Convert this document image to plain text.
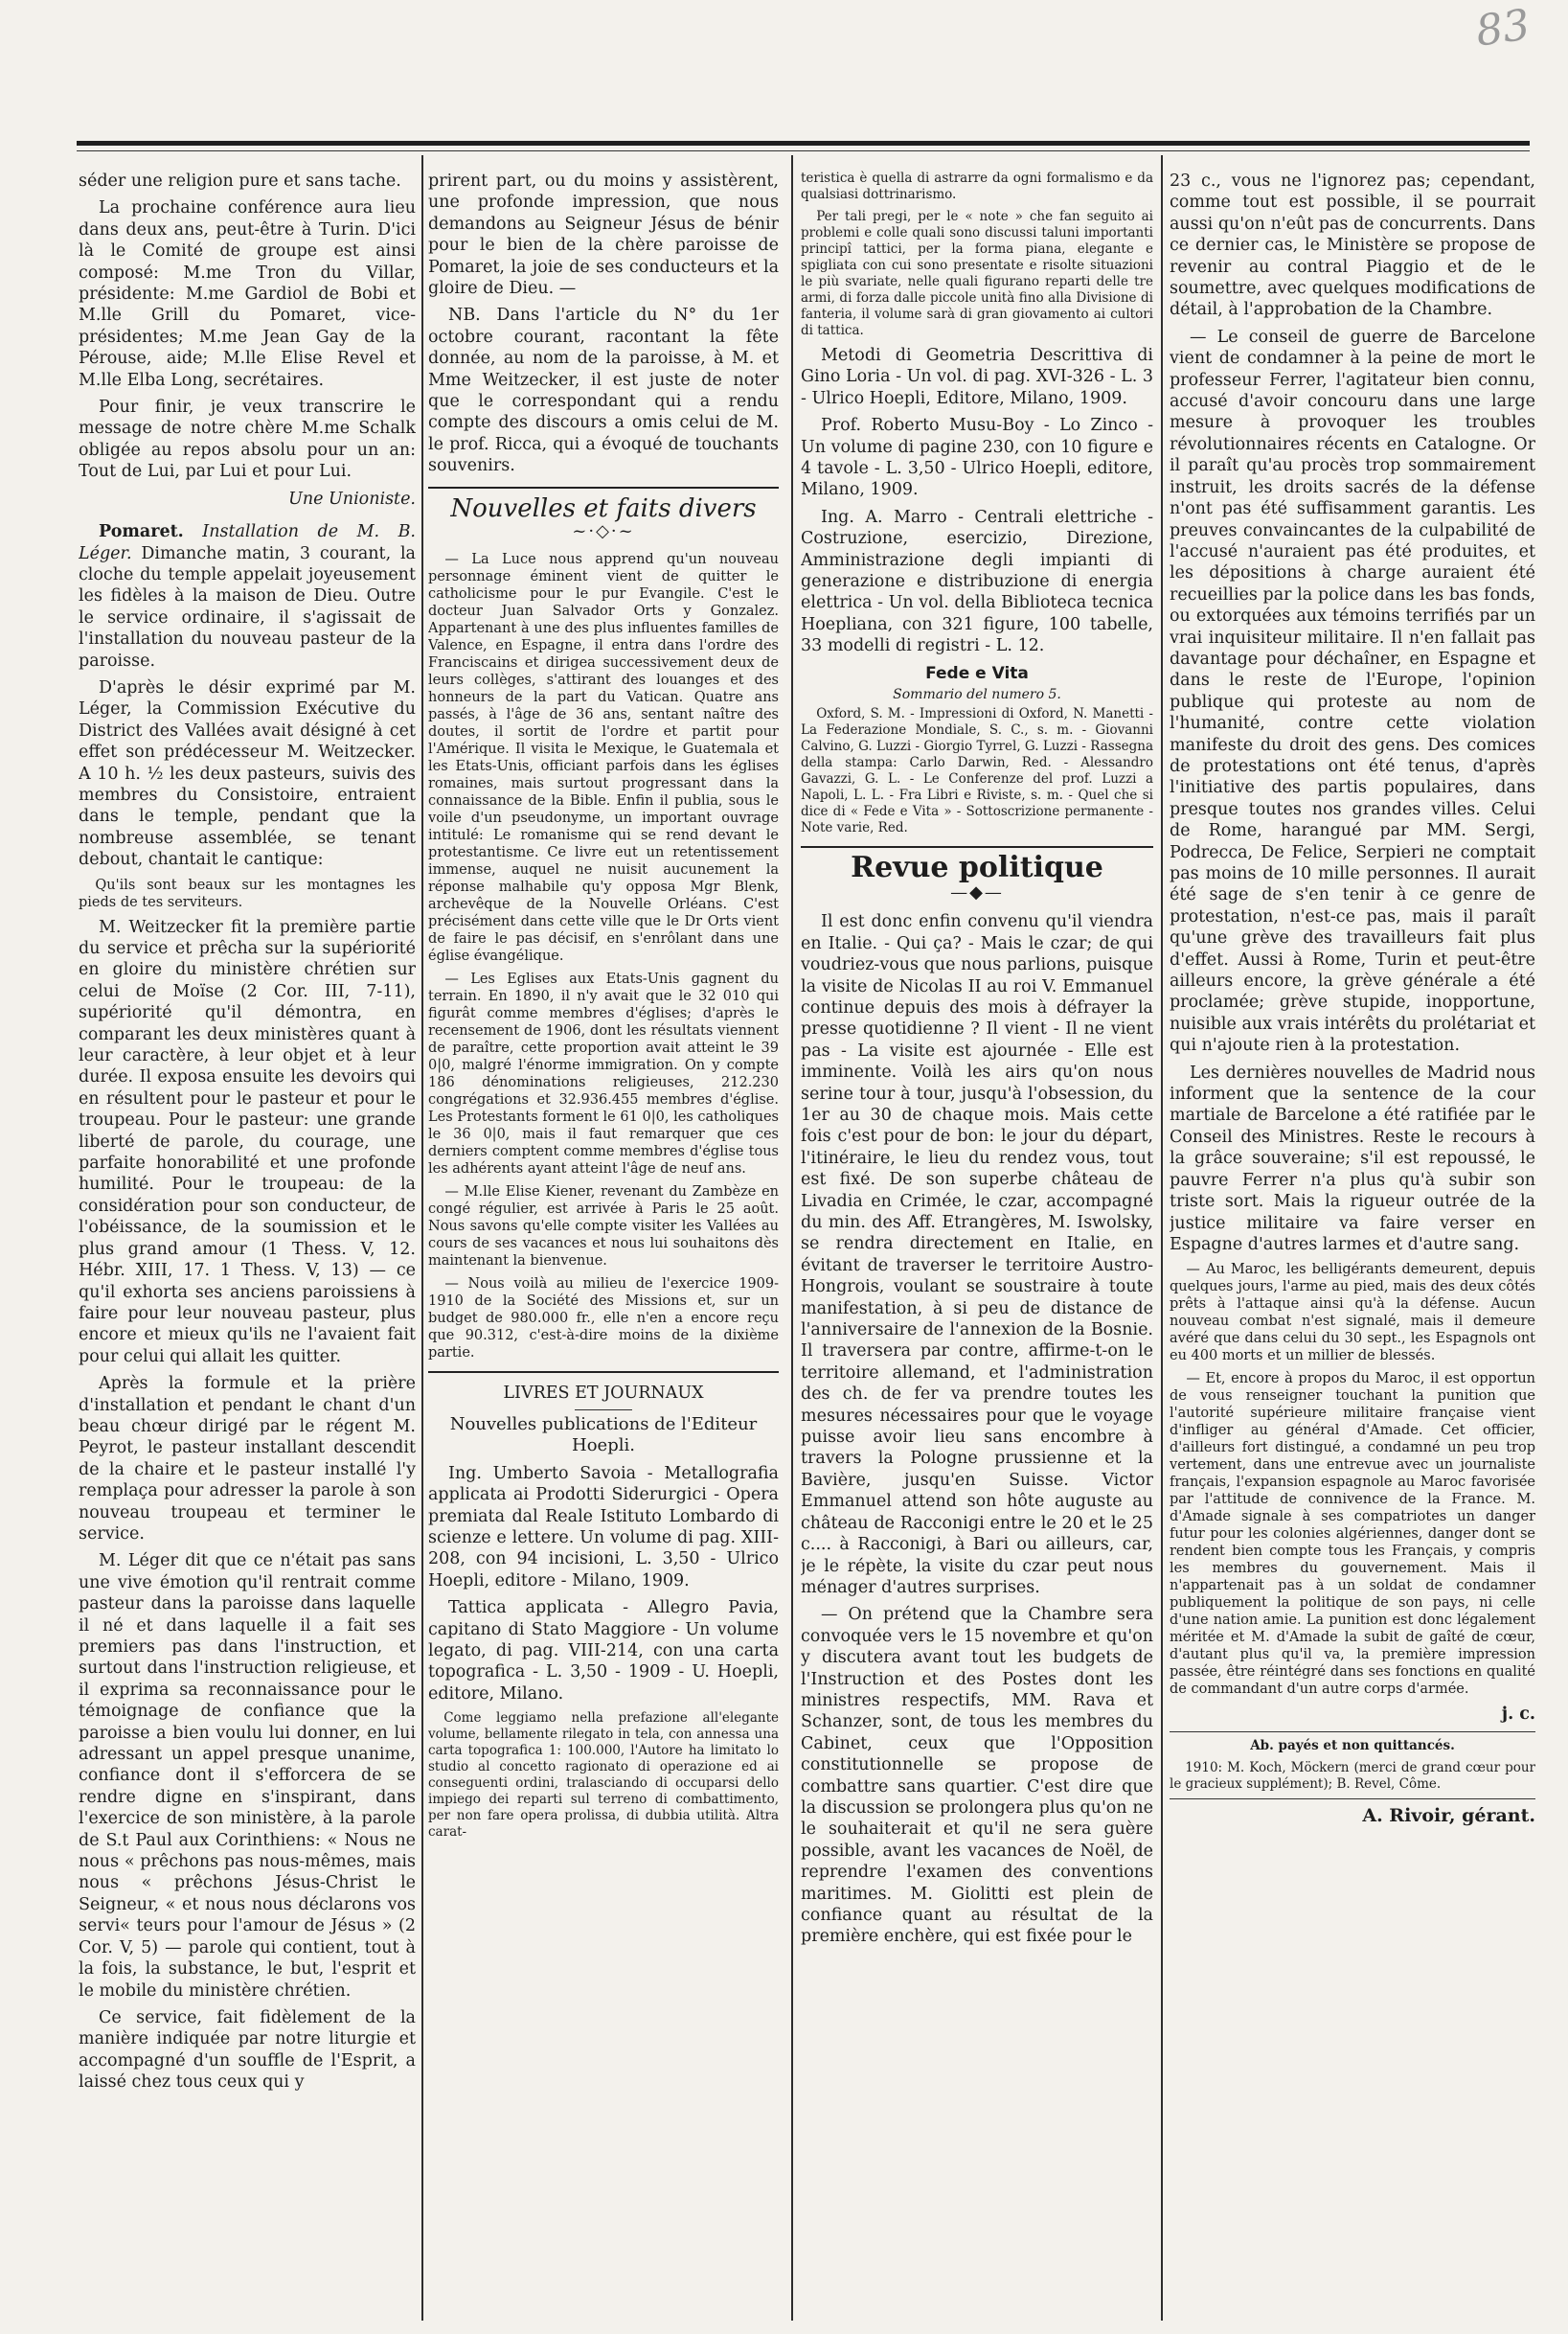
83

séder une religion pure et sans tache.

La prochaine conférence aura lieu dans deux ans, peut-être à Turin. D'ici là le Comité de groupe est ainsi composé: M.me Tron du Villar, présidente: M.me Gardiol de Bobi et M.lle Grill du Pomaret, vice-présidentes; M.me Jean Gay de la Pérouse, aide; M.lle Elise Revel et M.lle Elba Long, secrétaires.

Pour finir, je veux transcrire le message de notre chère M.me Schalk obligée au repos absolu pour un an: Tout de Lui, par Lui et pour Lui.

Une Unioniste.

Pomaret. Installation de M. B. Léger. Dimanche matin, 3 courant, la cloche du temple appelait joyeusement les fidèles à la maison de Dieu. Outre le service ordinaire, il s'agissait de l'installation du nouveau pasteur de la paroisse.

D'après le désir exprimé par M. Léger, la Commission Exécutive du District des Vallées avait désigné à cet effet son prédécesseur M. Weitzecker. A 10 h. ½ les deux pasteurs, suivis des membres du Consistoire, entraient dans le temple, pendant que la nombreuse assemblée, se tenant debout, chantait le cantique:

Qu'ils sont beaux sur les montagnes les pieds de tes serviteurs.

M. Weitzecker fit la première partie du service et prêcha sur la supériorité en gloire du ministère chrétien sur celui de Moïse (2 Cor. III, 7-11), supériorité qu'il démontra, en comparant les deux ministères quant à leur caractère, à leur objet et à leur durée. Il exposa ensuite les devoirs qui en résultent pour le pasteur et pour le troupeau. Pour le pasteur: une grande liberté de parole, du courage, une parfaite honorabilité et une profonde humilité. Pour le troupeau: de la considération pour son conducteur, de l'obéissance, de la soumission et le plus grand amour (1 Thess. V, 12. Hébr. XIII, 17. 1 Thess. V, 13) — ce qu'il exhorta ses anciens paroissiens à faire pour leur nouveau pasteur, plus encore et mieux qu'ils ne l'avaient fait pour celui qui allait les quitter.

Après la formule et la prière d'installation et pendant le chant d'un beau chœur dirigé par le régent M. Peyrot, le pasteur installant descendit de la chaire et le pasteur installé l'y remplaça pour adresser la parole à son nouveau troupeau et terminer le service.

M. Léger dit que ce n'était pas sans une vive émotion qu'il rentrait comme pasteur dans la paroisse dans laquelle il né et dans laquelle il a fait ses premiers pas dans l'instruction, et surtout dans l'instruction religieuse, et il exprima sa reconnaissance pour le témoignage de confiance que la paroisse a bien voulu lui donner, en lui adressant un appel presque unanime, confiance dont il s'efforcera de se rendre digne en s'inspirant, dans l'exercice de son ministère, à la parole de S.t Paul aux Corinthiens: « Nous ne nous « prêchons pas nous-mêmes, mais nous « prêchons Jésus-Christ le Seigneur, « et nous nous déclarons vos servi« teurs pour l'amour de Jésus » (2 Cor. V, 5) — parole qui contient, tout à la fois, la substance, le but, l'esprit et le mobile du ministère chrétien.

Ce service, fait fidèlement de la manière indiquée par notre liturgie et accompagné d'un souffle de l'Esprit, a laissé chez tous ceux qui y

prirent part, ou du moins y assistèrent, une profonde impression, que nous demandons au Seigneur Jésus de bénir pour le bien de la chère paroisse de Pomaret, la joie de ses conducteurs et la gloire de Dieu. —

NB. Dans l'article du N° du 1er octobre courant, racontant la fête donnée, au nom de la paroisse, à M. et Mme Weitzecker, il est juste de noter que le correspondant qui a rendu compte des discours a omis celui de M. le prof. Ricca, qui a évoqué de touchants souvenirs.

Nouvelles et faits divers
~·◇·~

— La Luce nous apprend qu'un nouveau personnage éminent vient de quitter le catholicisme pour le pur Evangile. C'est le docteur Juan Salvador Orts y Gonzalez. Appartenant à une des plus influentes familles de Valence, en Espagne, il entra dans l'ordre des Franciscains et dirigea successivement deux de leurs collèges, s'attirant des louanges et des honneurs de la part du Vatican. Quatre ans passés, à l'âge de 36 ans, sentant naître des doutes, il sortit de l'ordre et partit pour l'Amérique. Il visita le Mexique, le Guatemala et les Etats-Unis, officiant parfois dans les églises romaines, mais surtout progressant dans la connaissance de la Bible. Enfin il publia, sous le voile d'un pseudonyme, un important ouvrage intitulé: Le romanisme qui se rend devant le protestantisme. Ce livre eut un retentissement immense, auquel ne nuisit aucunement la réponse malhabile qu'y opposa Mgr Blenk, archevêque de la Nouvelle Orléans. C'est précisément dans cette ville que le Dr Orts vient de faire le pas décisif, en s'enrôlant dans une église évangélique.

— Les Eglises aux Etats-Unis gagnent du terrain. En 1890, il n'y avait que le 32 010 qui figurât comme membres d'églises; d'après le recensement de 1906, dont les résultats viennent de paraître, cette proportion avait atteint le 39 0|0, malgré l'énorme immigration. On y compte 186 dénominations religieuses, 212.230 congrégations et 32.936.455 membres d'église. Les Protestants forment le 61 0|0, les catholiques le 36 0|0, mais il faut remarquer que ces derniers comptent comme membres d'église tous les adhérents ayant atteint l'âge de neuf ans.

— M.lle Elise Kiener, revenant du Zambèze en congé régulier, est arrivée à Paris le 25 août. Nous savons qu'elle compte visiter les Vallées au cours de ses vacances et nous lui souhaitons dès maintenant la bienvenue.

— Nous voilà au milieu de l'exercice 1909-1910 de la Société des Missions et, sur un budget de 980.000 fr., elle n'en a encore reçu que 90.312, c'est-à-dire moins de la dixième partie.

LIVRES ET JOURNAUX

Nouvelles publications de l'Editeur Hoepli.

Ing. Umberto Savoia - Metallografia applicata ai Prodotti Siderurgici - Opera premiata dal Reale Istituto Lombardo di scienze e lettere. Un volume di pag. XIII-208, con 94 incisioni, L. 3,50 - Ulrico Hoepli, editore - Milano, 1909.

Tattica applicata - Allegro Pavia, capitano di Stato Maggiore - Un volume legato, di pag. VIII-214, con una carta topografica - L. 3,50 - 1909 - U. Hoepli, editore, Milano.

Come leggiamo nella prefazione all'elegante volume, bellamente rilegato in tela, con annessa una carta topografica 1: 100.000, l'Autore ha limitato lo studio al concetto ragionato di operazione ed ai conseguenti ordini, tralasciando di occuparsi dello impiego dei reparti sul terreno di combattimento, per non fare opera prolissa, di dubbia utilità. Altra carat-

teristica è quella di astrarre da ogni formalismo e da qualsiasi dottrinarismo.

Per tali pregi, per le « note » che fan seguito ai problemi e colle quali sono discussi taluni importanti principî tattici, per la forma piana, elegante e spigliata con cui sono presentate e risolte situazioni le più svariate, nelle quali figurano reparti delle tre armi, di forza dalle piccole unità fino alla Divisione di fanteria, il volume sarà di gran giovamento ai cultori di tattica.

Metodi di Geometria Descrittiva di Gino Loria - Un vol. di pag. XVI-326 - L. 3 - Ulrico Hoepli, Editore, Milano, 1909.

Prof. Roberto Musu-Boy - Lo Zinco - Un volume di pagine 230, con 10 figure e 4 tavole - L. 3,50 - Ulrico Hoepli, editore, Milano, 1909.

Ing. A. Marro - Centrali elettriche - Costruzione, esercizio, Direzione, Amministrazione degli impianti di generazione e distribuzione di energia elettrica - Un vol. della Biblioteca tecnica Hoepliana, con 321 figure, 100 tabelle, 33 modelli di registri - L. 12.

Fede e Vita
Sommario del numero 5.

Oxford, S. M. - Impressioni di Oxford, N. Manetti - La Federazione Mondiale, S. C., s. m. - Giovanni Calvino, G. Luzzi - Giorgio Tyrrel, G. Luzzi - Rassegna della stampa: Carlo Darwin, Red. - Alessandro Gavazzi, G. L. - Le Conferenze del prof. Luzzi a Napoli, L. L. - Fra Libri e Riviste, s. m. - Quel che si dice di « Fede e Vita » - Sottoscrizione permanente - Note varie, Red.

Revue politique
—◆—

Il est donc enfin convenu qu'il viendra en Italie. - Qui ça? - Mais le czar; de qui voudriez-vous que nous parlions, puisque la visite de Nicolas II au roi V. Emmanuel continue depuis des mois à défrayer la presse quotidienne ? Il vient - Il ne vient pas - La visite est ajournée - Elle est imminente. Voilà les airs qu'on nous serine tour à tour, jusqu'à l'obsession, du 1er au 30 de chaque mois. Mais cette fois c'est pour de bon: le jour du départ, l'itinéraire, le lieu du rendez vous, tout est fixé. De son superbe château de Livadia en Crimée, le czar, accompagné du min. des Aff. Etrangères, M. Iswolsky, se rendra directement en Italie, en évitant de traverser le territoire Austro-Hongrois, voulant se soustraire à toute manifestation, à si peu de distance de l'anniversaire de l'annexion de la Bosnie. Il traversera par contre, affirme-t-on le territoire allemand, et l'administration des ch. de fer va prendre toutes les mesures nécessaires pour que le voyage puisse avoir lieu sans encombre à travers la Pologne prussienne et la Bavière, jusqu'en Suisse. Victor Emmanuel attend son hôte auguste au château de Racconigi entre le 20 et le 25 c.... à Racconigi, à Bari ou ailleurs, car, je le répète, la visite du czar peut nous ménager d'autres surprises.

— On prétend que la Chambre sera convoquée vers le 15 novembre et qu'on y discutera avant tout les budgets de l'Instruction et des Postes dont les ministres respectifs, MM. Rava et Schanzer, sont, de tous les membres du Cabinet, ceux que l'Opposition constitutionnelle se propose de combattre sans quartier. C'est dire que la discussion se prolongera plus qu'on ne le souhaiterait et qu'il ne sera guère possible, avant les vacances de Noël, de reprendre l'examen des conventions maritimes. M. Giolitti est plein de confiance quant au résultat de la première enchère, qui est fixée pour le

23 c., vous ne l'ignorez pas; cependant, comme tout est possible, il se pourrait aussi qu'on n'eût pas de concurrents. Dans ce dernier cas, le Ministère se propose de revenir au contral Piaggio et de le soumettre, avec quelques modifications de détail, à l'approbation de la Chambre.

— Le conseil de guerre de Barcelone vient de condamner à la peine de mort le professeur Ferrer, l'agitateur bien connu, accusé d'avoir concouru dans une large mesure à provoquer les troubles révolutionnaires récents en Catalogne. Or il paraît qu'au procès trop sommairement instruit, les droits sacrés de la défense n'ont pas été suffisamment garantis. Les preuves convaincantes de la culpabilité de l'accusé n'auraient pas été produites, et les dépositions à charge auraient été recueillies par la police dans les bas fonds, ou extorquées aux témoins terrifiés par un vrai inquisiteur militaire. Il n'en fallait pas davantage pour déchaîner, en Espagne et dans le reste de l'Europe, l'opinion publique qui proteste au nom de l'humanité, contre cette violation manifeste du droit des gens. Des comices de protestations ont été tenus, d'après l'initiative des partis populaires, dans presque toutes nos grandes villes. Celui de Rome, harangué par MM. Sergi, Podrecca, De Felice, Serpieri ne comptait pas moins de 10 mille personnes. Il aurait été sage de s'en tenir à ce genre de protestation, n'est-ce pas, mais il paraît qu'une grève des travailleurs fait plus d'effet. Aussi à Rome, Turin et peut-être ailleurs encore, la grève générale a été proclamée; grève stupide, inopportune, nuisible aux vrais intérêts du prolétariat et qui n'ajoute rien à la protestation.

Les dernières nouvelles de Madrid nous informent que la sentence de la cour martiale de Barcelone a été ratifiée par le Conseil des Ministres. Reste le recours à la grâce souveraine; s'il est repoussé, le pauvre Ferrer n'a plus qu'à subir son triste sort. Mais la rigueur outrée de la justice militaire va faire verser en Espagne d'autres larmes et d'autre sang.

— Au Maroc, les belligérants demeurent, depuis quelques jours, l'arme au pied, mais des deux côtés prêts à l'attaque ainsi qu'à la défense. Aucun nouveau combat n'est signalé, mais il demeure avéré que dans celui du 30 sept., les Espagnols ont eu 400 morts et un millier de blessés.

— Et, encore à propos du Maroc, il est opportun de vous renseigner touchant la punition que l'autorité supérieure militaire française vient d'infliger au général d'Amade. Cet officier, d'ailleurs fort distingué, a condamné un peu trop vertement, dans une entrevue avec un journaliste français, l'expansion espagnole au Maroc favorisée par l'attitude de connivence de la France. M. d'Amade signale à ses compatriotes un danger futur pour les colonies algériennes, danger dont se rendent bien compte tous les Français, y compris les membres du gouvernement. Mais il n'appartenait pas à un soldat de condamner publiquement la politique de son pays, ni celle d'une nation amie. La punition est donc légalement méritée et M. d'Amade la subit de gaîté de cœur, d'autant plus qu'il va, la première impression passée, être réintégré dans ses fonctions en qualité de commandant d'un autre corps d'armée.

j. c.

Ab. payés et non quittancés.

1910: M. Koch, Möckern (merci de grand cœur pour le gracieux supplément); B. Revel, Côme.

A. Rivoir, gérant.
